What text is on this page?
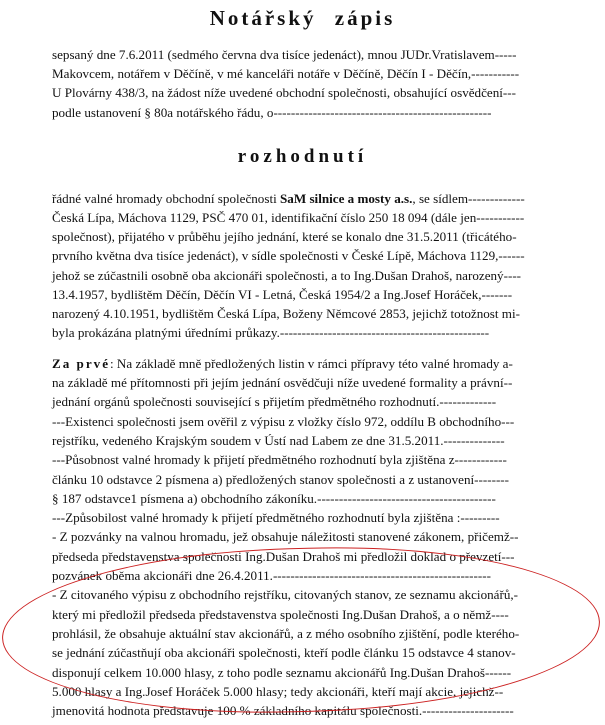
Notářský zápis
sepsaný dne 7.6.2011 (sedmého června dva tisíce jedenáct), mnou JUDr.Vratislavem-----
Makovcem, notářem v Děčíně, v mé kanceláři notáře v Děčíně, Děčín I - Děčín,-----------
U Plovárny 438/3, na žádost níže uvedené obchodní společnosti, obsahující osvědčení---
podle ustanovení § 80a notářského řádu, o--------------------------------------------------
rozhodnutí
řádné valné hromady obchodní společnosti SaM silnice a mosty a.s., se sídlem-------------
Česká Lípa, Máchova 1129, PSČ 470 01, identifikační číslo 250 18 094 (dále jen-----------
společnost), přijatého v průběhu jejího jednání, které se konalo dne 31.5.2011 (třicátého-
prvního května dva tisíce jedenáct), v sídle společnosti v České Lípě, Máchova 1129,------
jehož se zúčastnili osobně oba akcionáři společnosti, a to Ing.Dušan Drahoš, narozený----
13.4.1957, bydlištěm Děčín, Děčín VI - Letná, Česká 1954/2 a Ing.Josef Horáček,-------
narozený 4.10.1951, bydlištěm Česká Lípa, Boženy Němcové 2853, jejichž totožnost mi-
byla prokázána platnými úředními průkazy.------------------------------------------------
Za prvé: Na základě mně předložených listin v rámci přípravy této valné hromady a-
na základě mé přítomnosti při jejím jednání osvědčuji níže uvedené formality a právní--
jednání orgánů společnosti související s přijetím předmětného rozhodnutí.-------------
---Existenci společnosti jsem ověřil z výpisu z vložky číslo 972, oddílu B obchodního---
rejstříku, vedeného Krajským soudem v Ústí nad Labem ze dne 31.5.2011.--------------
---Působnost valné hromady k přijetí předmětného rozhodnutí byla zjištěna z------------
článku 10 odstavce 2 písmena a) předložených stanov společnosti a z ustanovení--------
§ 187 odstavce1 písmena a) obchodního zákoníku.-----------------------------------------
---Způsobilost valné hromady k přijetí předmětného rozhodnutí byla zjištěna :---------
- Z pozvánky na valnou hromadu, jež obsahuje náležitosti stanovené zákonem, přičemž--
předseda představenstva společnosti Ing.Dušan Drahoš mi předložil doklad o převzetí---
pozvánek oběma akcionáři dne 26.4.2011.--------------------------------------------------
- Z citovaného výpisu z obchodního rejstříku, citovaných stanov, ze seznamu akcionářů,-
který mi předložil předseda představenstva společnosti Ing.Dušan Drahoš, a o němž----
prohlásil, že obsahuje aktuální stav akcionářů, a z mého osobního zjištění, podle kterého-
se jednání zúčastňují oba akcionáři společnosti, kteří podle článku 15 odstavce 4 stanov-
disponují celkem 10.000 hlasy, z toho podle seznamu akcionářů Ing.Dušan Drahoš------
5.000 hlasy a Ing.Josef Horáček 5.000 hlasy; tedy akcionáři, kteří mají akcie, jejichž--
jmenovitá hodnota představuje 100 % základního kapitálu společnosti.---------------------
